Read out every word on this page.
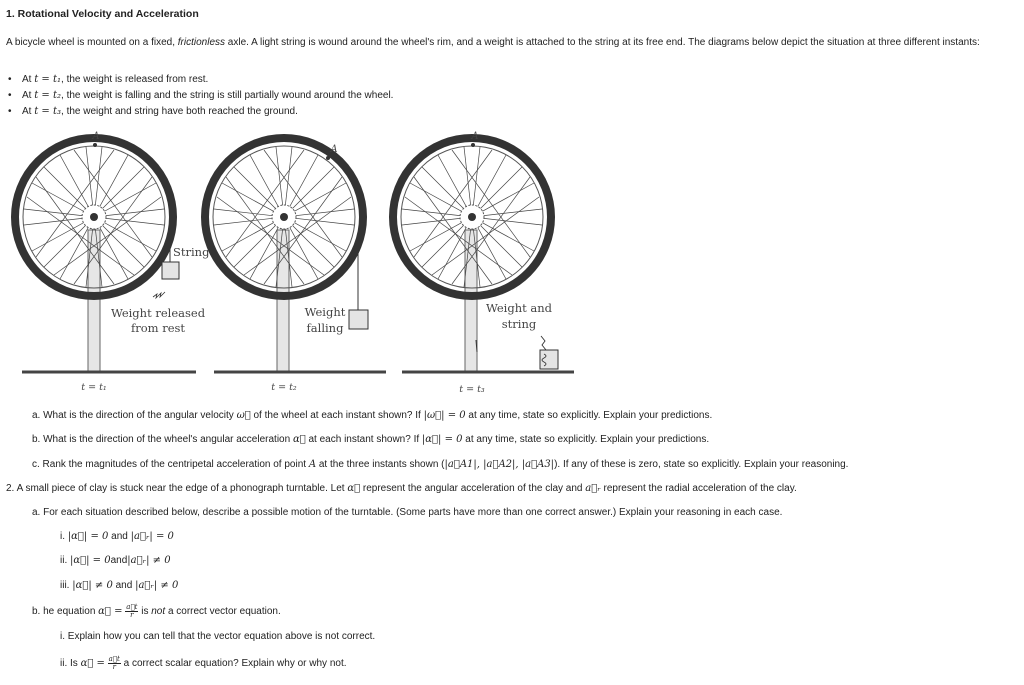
1. Rotational Velocity and Acceleration
A bicycle wheel is mounted on a fixed, frictionless axle. A light string is wound around the wheel's rim, and a weight is attached to the string at its free end. The diagrams below depict the situation at three different instants:
• At t = t₁, the weight is released from rest.
• At t = t₂, the weight is falling and the string is still partially wound around the wheel.
• At t = t₃, the weight and string have both reached the ground.
A
A
A
String
Weight released
from rest
Weight
falling
Weight and
string
t = t₁	t = t₂	t = t₃
a. What is the direction of the angular velocity ω⃗ of the wheel at each instant shown? If |ω⃗| = 0 at any time, state so explicitly. Explain your predictions.
b. What is the direction of the wheel's angular acceleration α⃗ at each instant shown? If |α⃗| = 0 at any time, state so explicitly. Explain your predictions.
c. Rank the magnitudes of the centripetal acceleration of point A at the three instants shown (|a⃗A1|, |a⃗A2|, |a⃗A3|). If any of these is zero, state so explicitly. Explain your reasoning.
2. A small piece of clay is stuck near the edge of a phonograph turntable. Let α⃗ represent the angular acceleration of the clay and a⃗ᵣ represent the radial acceleration of the clay.
a. For each situation described below, describe a possible motion of the turntable. (Some parts have more than one correct answer.) Explain your reasoning in each case.
i. |α⃗| = 0 and |a⃗ᵣ| = 0
ii. |α⃗| = 0and|a⃗ᵣ| ≠ 0
iii. |α⃗| ≠ 0 and |a⃗ᵣ| ≠ 0
b. he equation α⃗ = $\frac{a⃗t}{r}$ is not a correct vector equation.
i. Explain how you can tell that the vector equation above is not correct.
ii. Is α⃗ = $\frac{a⃗t}{r}$ a correct scalar equation? Explain why or why not.
